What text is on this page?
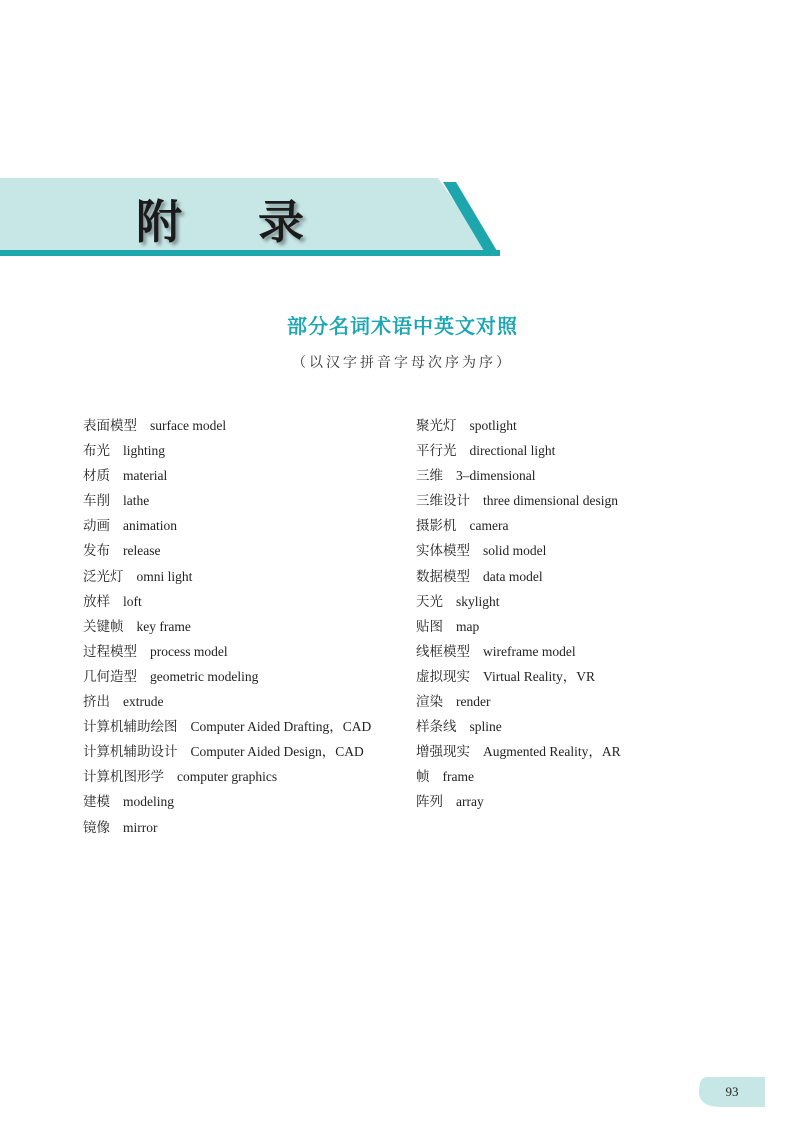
附 录
部分名词术语中英文对照
（以汉字拼音字母次序为序）
表面模型 surface model
布光 lighting
材质 material
车削 lathe
动画 animation
发布 release
泛光灯 omni light
放样 loft
关键帧 key frame
过程模型 process model
几何造型 geometric modeling
挤出 extrude
计算机辅助绘图 Computer Aided Drafting，CAD
计算机辅助设计 Computer Aided Design，CAD
计算机图形学 computer graphics
建模 modeling
镜像 mirror
聚光灯 spotlight
平行光 directional light
三维 3–dimensional
三维设计 three dimensional design
摄影机 camera
实体模型 solid model
数据模型 data model
天光 skylight
贴图 map
线框模型 wireframe model
虚拟现实 Virtual Reality，VR
渲染 render
样条线 spline
增强现实 Augmented Reality，AR
帧 frame
阵列 array
93
